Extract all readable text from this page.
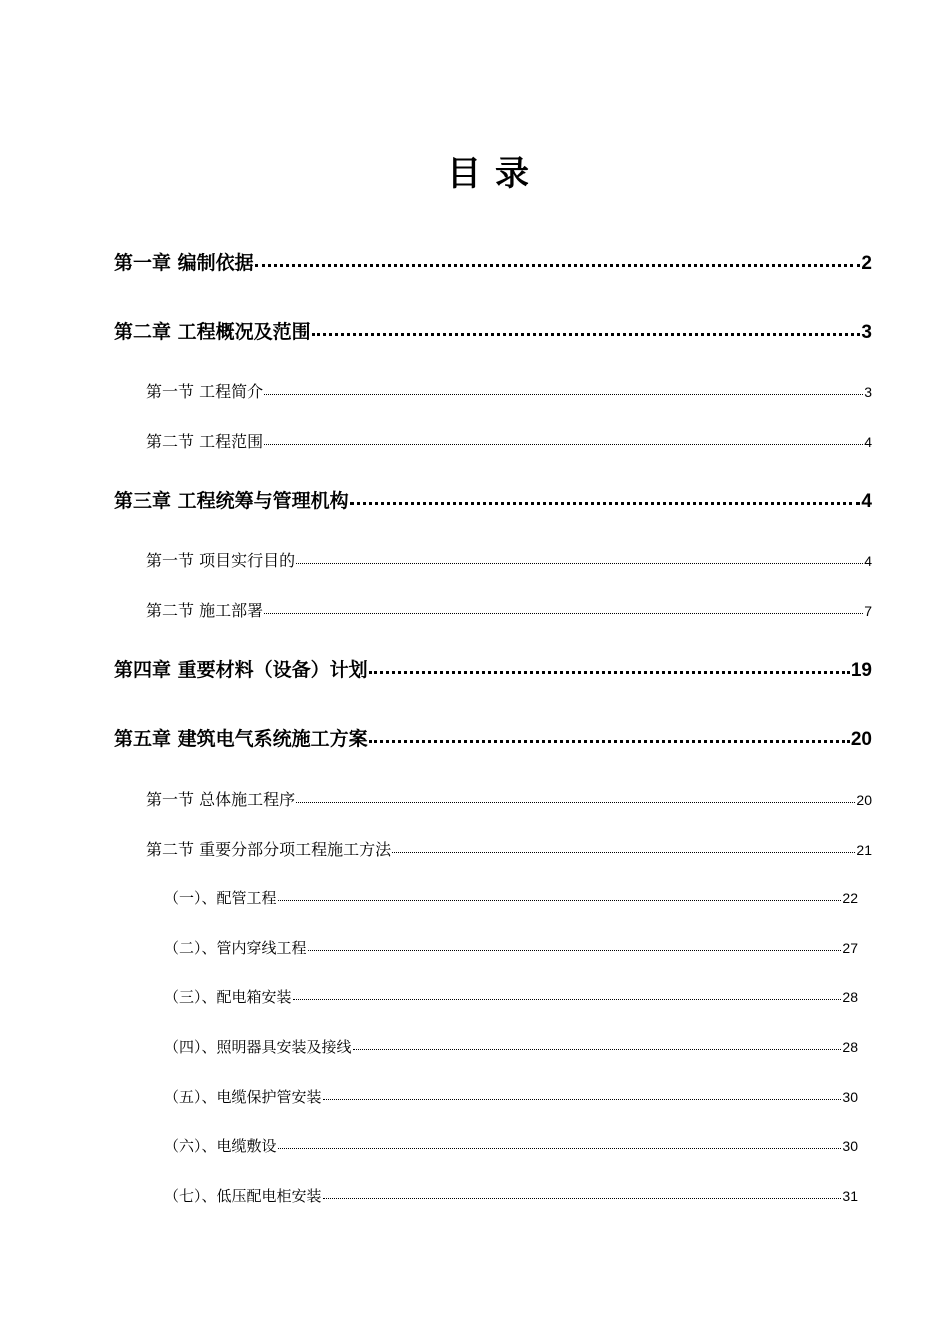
目录
第一章 编制依据	2
第二章 工程概况及范围	3
第一节 工程简介	3
第二节 工程范围	4
第三章 工程统筹与管理机构	4
第一节 项目实行目的	4
第二节 施工部署	7
第四章 重要材料（设备）计划	19
第五章 建筑电气系统施工方案	20
第一节 总体施工程序	20
第二节 重要分部分项工程施工方法	21
（一）、配管工程	22
（二）、管内穿线工程	27
（三）、配电箱安装	28
（四）、照明器具安装及接线	28
（五）、电缆保护管安装	30
（六）、电缆敷设	30
（七）、低压配电柜安装	31
